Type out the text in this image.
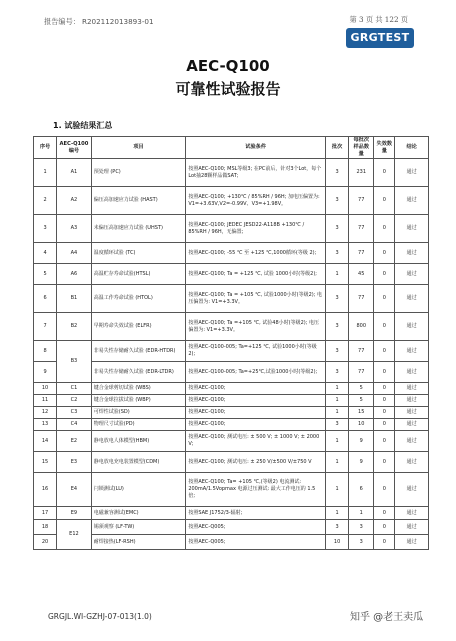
报告编号： R202112013893-01	第 3 页 共 122 页
GRGTEST
AEC-Q100
可靠性试验报告
1. 试验结果汇总
序号	AEC-Q100 编号	项目	试验条件	批次	每批次样品数量	失效数量	结论
1	A1	预处理 (PC)	按照AEC-Q100; MSL等级3; 在PC前后，针对3个Lot，每个Lot抽28颗样品做SAT;	3	231	0	通过
2	A2	偏压高加速应力试验 (HAST)	按照AEC-Q100; +130℃ / 85%RH / 96H; 加电压偏置为: V1=+3.63V,V2=-0.99V、V3=+1.98V。	3	77	0	通过
3	A3	未偏压高加速应力试验 (UHST)	按照AEC-Q100; JEDEC JESD22-A118B +130℃ / 85%RH / 96H，无偏置;	3	77	0	通过
4	A4	温度循环试验 (TC)	按照AEC-Q100; -55 ℃ 至 +125 ℃,1000循环(等级 2);	3	77	0	通过
5	A6	高温贮存寿命试验(HTSL)	按照AEC-Q100; Ta = +125 ℃, 试验 1000小时(等级2);	1	45	0	通过
6	B1	高温工作寿命试验 (HTOL)	按照AEC-Q100; Ta = +105 ℃, 试验1000小时(等级2); 电压偏置为: V1=+3.3V。	3	77	0	通过
7	B2	早期寿命失效试验 (ELFR)	按照AEC-Q100; Ta =+105 ℃, 试验48小时(等级2); 电压偏置为: V1=+3.3V。	3	800	0	通过
8	B3	非易失性存储耐久试验 (EDR-HTDR)	按照AEC-Q100-005; Ta=+125 ℃, 试验1000小时(等级2);	3	77	0	通过
9		非易失性存储耐久试验 (EDR-LTDR)	按照AEC-Q100-005; Ta=+25℃,试验1000小时(等级2);	3	77	0	通过
10	C1	键合金球剪切试验 (WBS)	按照AEC-Q100;	1	5	0	通过
11	C2	键合金球拉拔试验 (WBP)	按照AEC-Q100;	1	5	0	通过
12	C3	可焊性试验(SD)	按照AEC-Q100;	1	15	0	通过
13	C4	物理尺寸试验(PD)	按照AEC-Q100;	3	10	0	通过
14	E2	静电放电人体模型(HBM)	按照AEC-Q100; 测试电压: ± 500 V; ± 1000 V; ± 2000 V;	1	9	0	通过
15	E3	静电放电充电装置模型(CDM)	按照AEC-Q100; 测试电压: ± 250 V/±500 V/±750 V	1	9	0	通过
16	E4	闩锁测试(LU)	按照AEC-Q100; Ta= +105 ℃,(等级2) 电流测试: 200mA/1.5Vopmax 电源过压测试: 最大工作电压的 1.5 倍;	1	6	0	通过
17	E9	电磁兼容测试(EMC)	按照SAE J1752/3-辐射;	1	1	0	通过
18	E12	锡须观察 (LF-TW)	按照AEC-Q005;	3	3	0	通过
20		耐焊接热(LF-RSH)	按照AEC-Q005;	10	3	0	通过
GRGJL.WI-GZHJ-07-013(1.0)	知乎 @老王卖瓜
